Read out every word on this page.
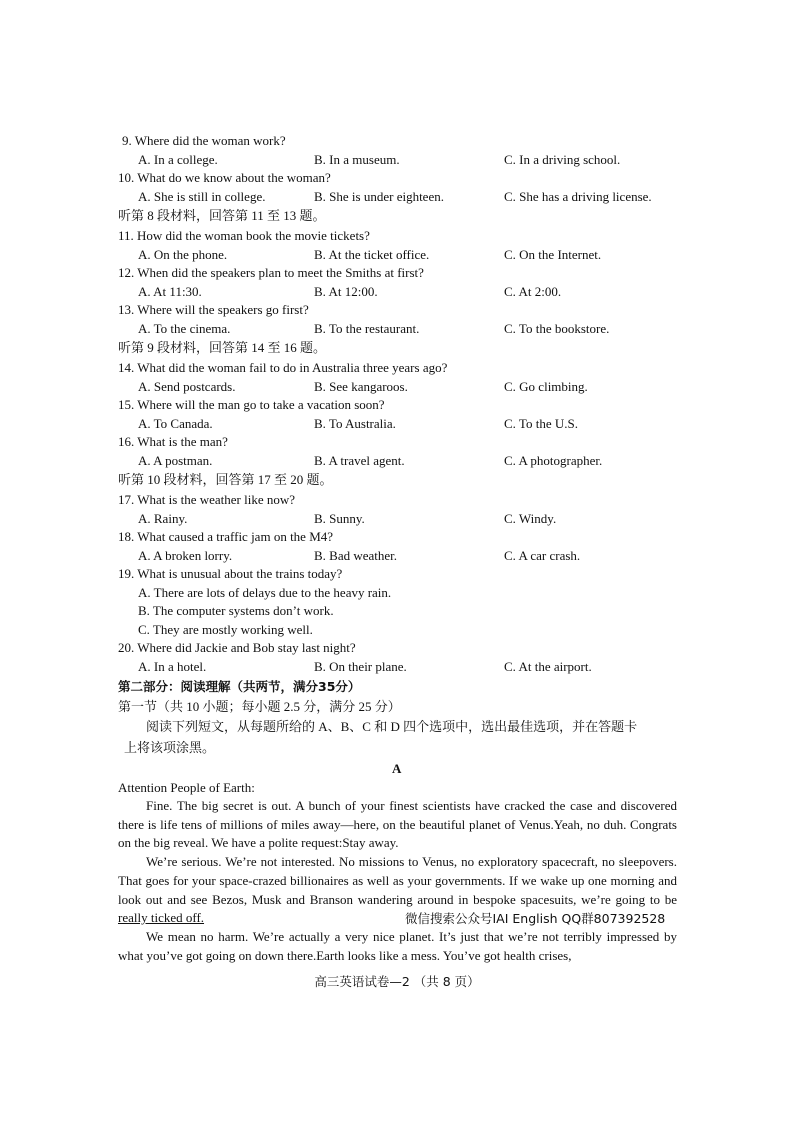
9. Where did the woman work?
A. In a college.	B. In a museum.	C. In a driving school.
10. What do we know about the woman?
A. She is still in college.	B. She is under eighteen.	C. She has a driving license.
听第 8 段材料，回答第 11 至 13 题。
11. How did the woman book the movie tickets?
A. On the phone.	B. At the ticket office.	C. On the Internet.
12. When did the speakers plan to meet the Smiths at first?
A. At 11:30.	B. At 12:00.	C. At 2:00.
13. Where will the speakers go first?
A. To the cinema.	B. To the restaurant.	C. To the bookstore.
听第 9 段材料，回答第 14 至 16 题。
14. What did the woman fail to do in Australia three years ago?
A. Send postcards.	B. See kangaroos.	C. Go climbing.
15. Where will the man go to take a vacation soon?
A. To Canada.	B. To Australia.	C. To the U.S.
16. What is the man?
A. A postman.	B. A travel agent.	C. A photographer.
听第 10 段材料，回答第 17 至 20 题。
17. What is the weather like now?
A. Rainy.	B. Sunny.	C. Windy.
18. What caused a traffic jam on the M4?
A. A broken lorry.	B. Bad weather.	C. A car crash.
19. What is unusual about the trains today?
A. There are lots of delays due to the heavy rain.
B. The computer systems don’t work.
C. They are mostly working well.
20. Where did Jackie and Bob stay last night?
A. In a hotel.	B. On their plane.	C. At the airport.
第二部分：阅读理解（共两节，满分35分）
第一节（共 10 小题；每小题 2.5 分，满分 25 分）
阅读下列短文，从每题所给的 A、B、C 和 D 四个选项中，选出最佳选项，并在答题卡
上将该项涂黑。
A
Attention People of Earth:

Fine. The big secret is out. A bunch of your finest scientists have cracked the case and discovered there is life tens of millions of miles away—here, on the beautiful planet of Venus.Yeah, no duh. Congrats on the big reveal. We have a polite request:Stay away.

We’re serious. We’re not interested. No missions to Venus, no exploratory spacecraft, no sleepovers. That goes for your space-crazed billionaires as well as your governments. If we wake up one morning and look out and see Bezos, Musk and Branson wandering around in bespoke spacesuits, we’re going to be really ticked off.

We mean no harm. We’re actually a very nice planet. It’s just that we’re not terribly impressed by what you’ve got going on down there.Earth looks like a mess. You’ve got health crises,

微信搜索公众号IAI English QQ群807392528
高三英语试卷—2 （共 8 页）
